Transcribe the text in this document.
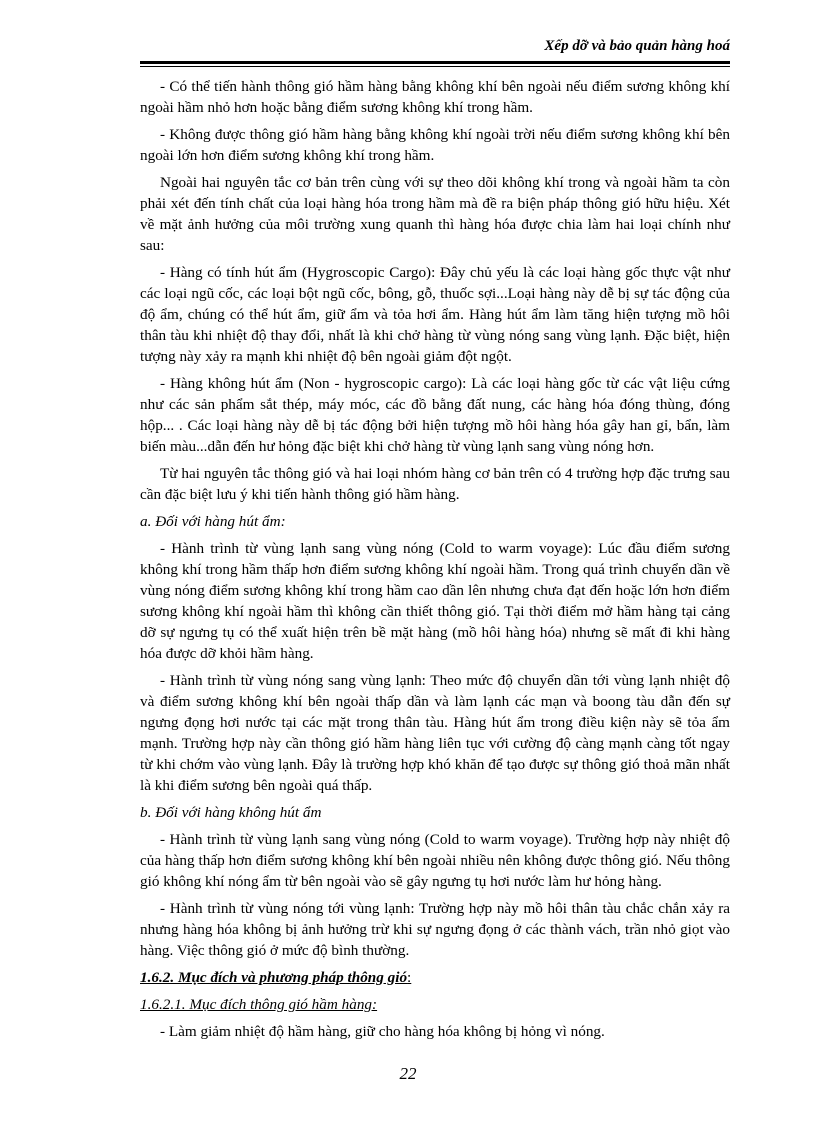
Xếp dỡ và bảo quản hàng hoá

- Có thể tiến hành thông gió hầm hàng bằng không khí bên ngoài nếu điểm sương không khí ngoài hầm nhỏ hơn hoặc bằng điểm sương không khí trong hầm.

- Không được thông gió hầm hàng bằng không khí ngoài trời nếu điểm sương không khí bên ngoài lớn hơn điểm sương không khí trong hầm.

Ngoài hai nguyên tắc cơ bản trên cùng với sự theo dõi không khí trong và ngoài hầm ta còn phải xét đến tính chất của loại hàng hóa trong hầm mà đề ra biện pháp thông gió hữu hiệu. Xét về mặt ảnh hưởng của môi trường xung quanh thì hàng hóa được chia làm hai loại chính như sau:

- Hàng có tính hút ẩm (Hygroscopic Cargo): Đây chủ yếu là các loại hàng gốc thực vật như các loại ngũ cốc, các loại bột ngũ cốc, bông, gỗ, thuốc sợi...Loại hàng này dễ bị sự tác động của độ ẩm, chúng có thể hút ẩm, giữ ẩm và tỏa hơi ẩm. Hàng hút ẩm làm tăng hiện tượng mồ hôi thân tàu khi nhiệt độ thay đổi, nhất là khi chở hàng từ vùng nóng sang vùng lạnh. Đặc biệt, hiện tượng này xảy ra mạnh khi nhiệt độ bên ngoài giảm đột ngột.

- Hàng không hút ẩm (Non - hygroscopic cargo): Là các loại hàng gốc từ các vật liệu cứng như các sản phẩm sắt thép, máy móc, các đồ bằng đất nung, các hàng hóa đóng thùng, đóng hộp... . Các loại hàng này dễ bị tác động bởi hiện tượng mồ hôi hàng hóa gây han gỉ, bẩn, làm biến màu...dẫn đến hư hỏng đặc biệt khi chở hàng từ vùng lạnh sang vùng nóng hơn.

Từ hai nguyên tắc thông gió và hai loại nhóm hàng cơ bản trên có 4 trường hợp đặc trưng sau cần đặc biệt lưu ý khi tiến hành thông gió hầm hàng.

a. Đối với hàng hút ẩm:

- Hành trình từ vùng lạnh sang vùng nóng (Cold to warm voyage): Lúc đầu điểm sương không khí trong hầm thấp hơn điểm sương không khí ngoài hầm. Trong quá trình chuyển dần về vùng nóng điểm sương không khí trong hầm cao dần lên nhưng chưa đạt đến hoặc lớn hơn điểm sương không khí ngoài hầm thì không cần thiết thông gió. Tại thời điểm mở hầm hàng tại cảng dỡ sự ngưng tụ có thể xuất hiện trên bề mặt hàng (mồ hôi hàng hóa) nhưng sẽ mất đi khi hàng hóa được dỡ khỏi hầm hàng.

- Hành trình từ vùng nóng sang vùng lạnh: Theo mức độ chuyển dần tới vùng lạnh nhiệt độ và điểm sương không khí bên ngoài thấp dần và làm lạnh các mạn và boong tàu dẫn đến sự ngưng đọng hơi nước tại các mặt trong thân tàu. Hàng hút ẩm trong điều kiện này sẽ tỏa ẩm mạnh. Trường hợp này cần thông gió hầm hàng liên tục với cường độ càng mạnh càng tốt ngay từ khi chớm vào vùng lạnh. Đây là trường hợp khó khăn để tạo được sự thông gió thoả mãn nhất là khi điểm sương bên ngoài quá thấp.

b. Đối với hàng không hút ẩm

- Hành trình từ vùng lạnh sang vùng nóng (Cold to warm voyage). Trường hợp này nhiệt độ của hàng thấp hơn điểm sương không khí bên ngoài nhiều nên không được thông gió. Nếu thông gió không khí nóng ẩm từ bên ngoài vào sẽ gây ngưng tụ hơi nước làm hư hỏng hàng.

- Hành trình từ vùng nóng tới vùng lạnh: Trường hợp này mồ hôi thân tàu chắc chắn xảy ra nhưng hàng hóa không bị ảnh hưởng trừ khi sự ngưng đọng ở các thành vách, trần nhỏ giọt vào hàng. Việc thông gió ở mức độ bình thường.

1.6.2. Mục đích và phương pháp thông gió:

1.6.2.1. Mục đích thông gió hầm hàng:

- Làm giảm nhiệt độ hầm hàng, giữ cho hàng hóa không bị hỏng vì nóng.

22
